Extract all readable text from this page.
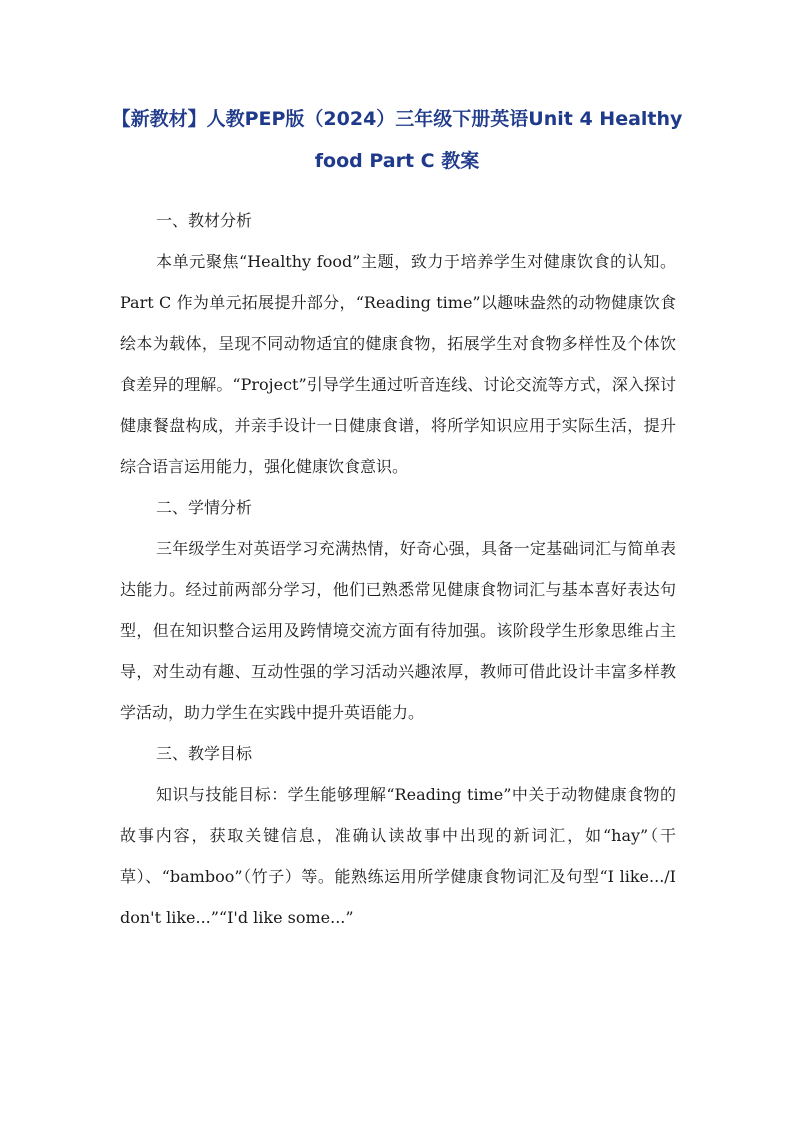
【新教材】人教PEP版（2024）三年级下册英语Unit 4 Healthy food Part C 教案

一、教材分析

本单元聚焦“Healthy food”主题，致力于培养学生对健康饮食的认知。Part C 作为单元拓展提升部分，“Reading time”以趣味盎然的动物健康饮食绘本为载体，呈现不同动物适宜的健康食物，拓展学生对食物多样性及个体饮食差异的理解。“Project”引导学生通过听音连线、讨论交流等方式，深入探讨健康餐盘构成，并亲手设计一日健康食谱，将所学知识应用于实际生活，提升综合语言运用能力，强化健康饮食意识。

二、学情分析

三年级学生对英语学习充满热情，好奇心强，具备一定基础词汇与简单表达能力。经过前两部分学习，他们已熟悉常见健康食物词汇与基本喜好表达句型，但在知识整合运用及跨情境交流方面有待加强。该阶段学生形象思维占主导，对生动有趣、互动性强的学习活动兴趣浓厚，教师可借此设计丰富多样教学活动，助力学生在实践中提升英语能力。

三、教学目标

知识与技能目标：学生能够理解“Reading time”中关于动物健康食物的故事内容，获取关键信息，准确认读故事中出现的新词汇，如“hay”（干草）、“bamboo”（竹子）等。能熟练运用所学健康食物词汇及句型“I like.../I don't like...”“I'd like some...”
